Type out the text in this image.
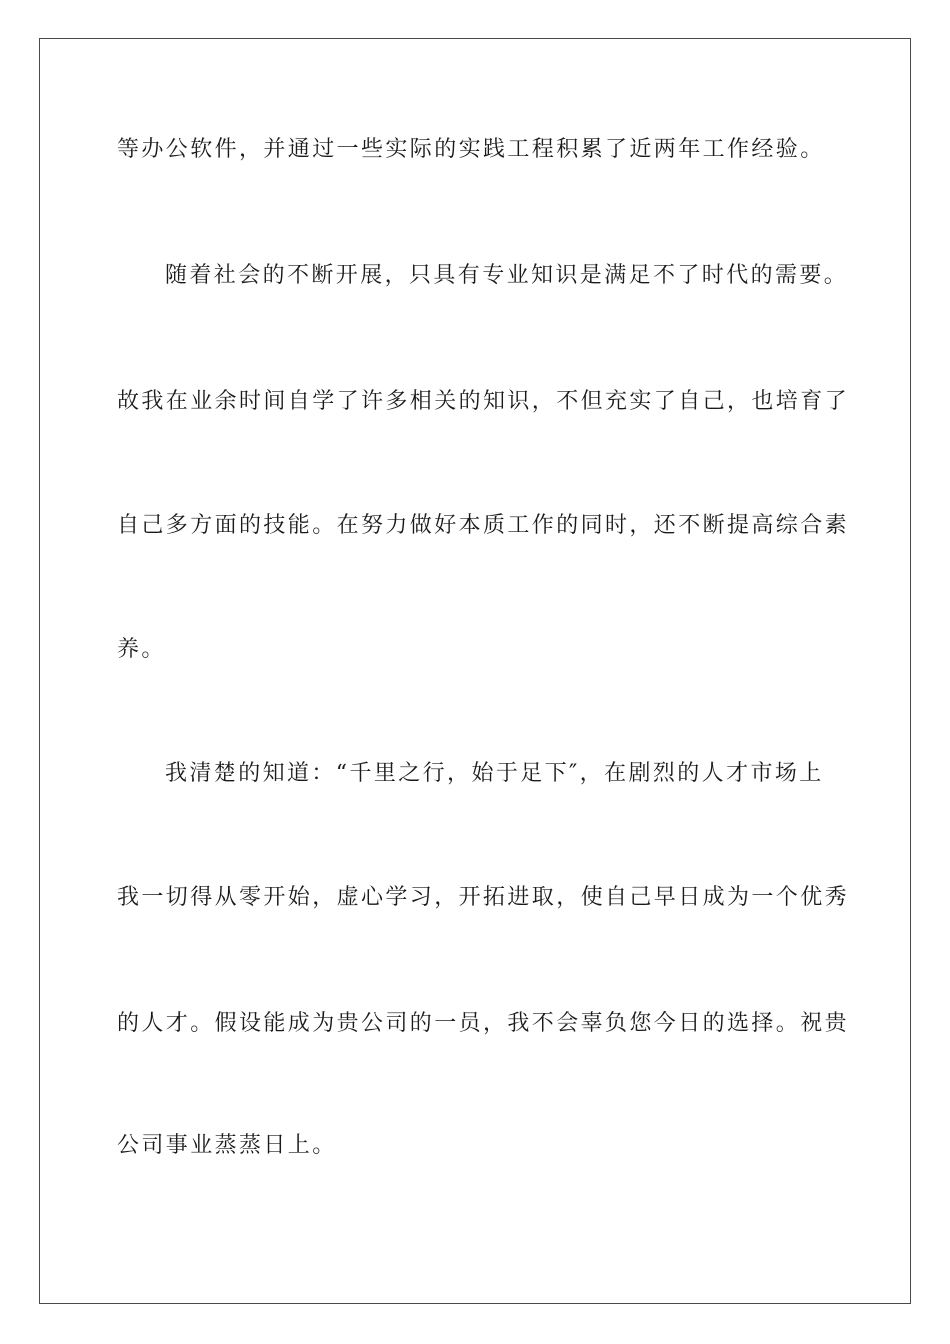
等办公软件，并通过一些实际的实践工程积累了近两年工作经验。
随着社会的不断开展，只具有专业知识是满足不了时代的需要。
故我在业余时间自学了许多相关的知识，不但充实了自己，也培育了
自己多方面的技能。在努力做好本质工作的同时，还不断提高综合素
养。
我清楚的知道：“千里之行，始于足下″，在剧烈的人才市场上
我一切得从零开始，虚心学习，开拓进取，使自己早日成为一个优秀
的人才。假设能成为贵公司的一员，我不会辜负您今日的选择。祝贵
公司事业蒸蒸日上。
